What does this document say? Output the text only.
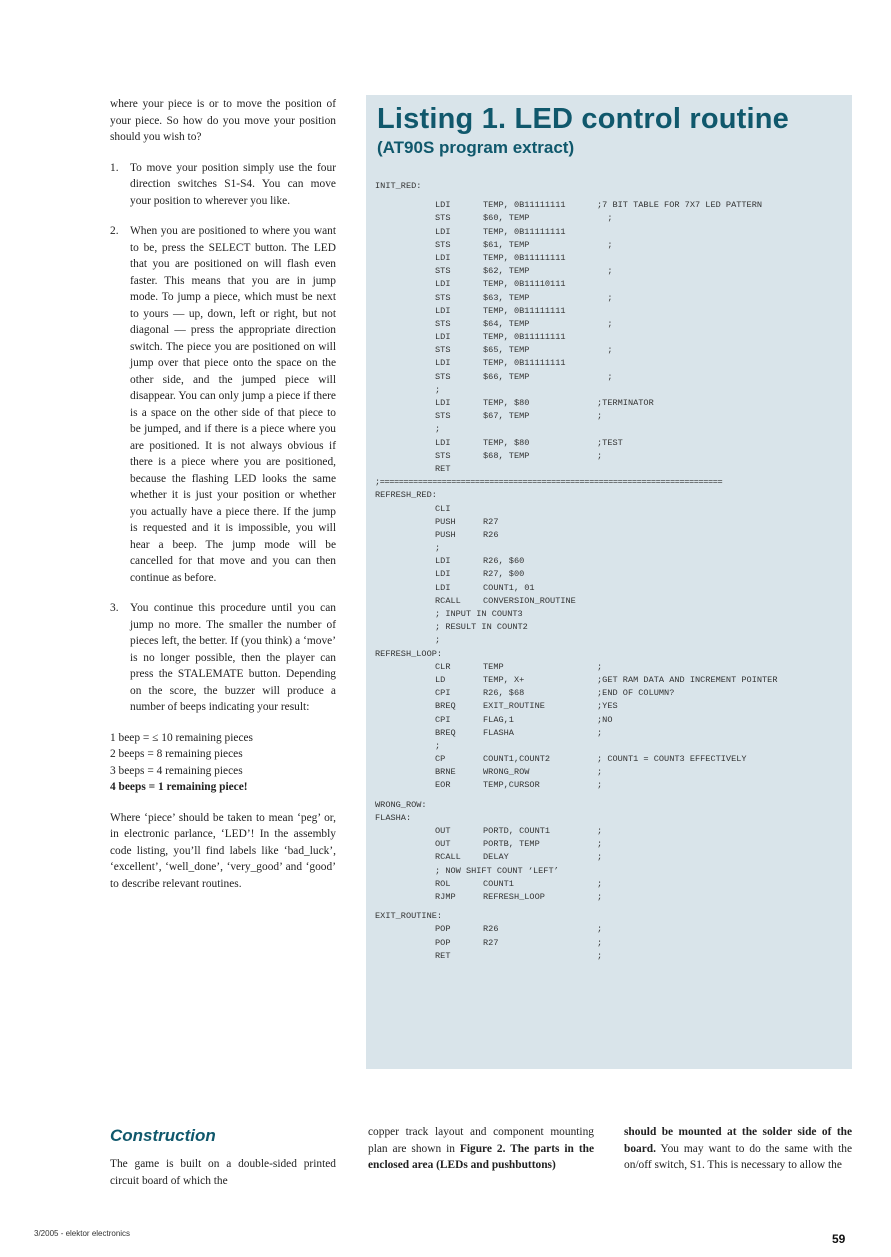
where your piece is or to move the position of your piece. So how do you move your position should you wish to?

1. To move your position simply use the four direction switches S1-S4. You can move your position to wherever you like.
2. When you are positioned to where you want to be, press the SELECT button. The LED that you are positioned on will flash even faster. This means that you are in jump mode. To jump a piece, which must be next to yours — up, down, left or right, but not diagonal — press the appropriate direction switch. The piece you are positioned on will jump over that piece onto the space on the other side, and the jumped piece will disappear. You can only jump a piece if there is a space on the other side of that piece to be jumped, and if there is a piece where you are positioned. It is not always obvious if there is a piece where you are positioned, because the flashing LED looks the same whether it is just your position or whether you actually have a piece there. If the jump is requested and it is impossible, you will hear a beep. The jump mode will be cancelled for that move and you can then continue as before.
3. You continue this procedure until you can jump no more. The smaller the number of pieces left, the better. If (you think) a ‘move’ is no longer possible, then the player can press the STALEMATE button. Depending on the score, the buzzer will produce a number of beeps indicating your result:
1 beep = ≤ 10 remaining pieces
2 beeps = 8 remaining pieces
3 beeps = 4 remaining pieces
4 beeps = 1 remaining piece!

Where ‘piece’ should be taken to mean ‘peg’ or, in electronic parlance, ‘LED’! In the assembly code listing, you’ll find labels like ‘bad_luck’, ‘excellent’, ‘well_done’, ‘very_good’ and ‘good’ to describe relevant routines.

Listing 1. LED control routine
(AT90S program extract)
INIT_RED:
LDI	TEMP, 0B11111111	;7 BIT TABLE FOR 7X7 LED PATTERN
STS	$60, TEMP	;
LDI	TEMP, 0B11111111
STS	$61, TEMP	;
LDI	TEMP, 0B11111111
STS	$62, TEMP	;
LDI	TEMP, 0B11110111
STS	$63, TEMP	;
LDI	TEMP, 0B11111111
STS	$64, TEMP	;
LDI	TEMP, 0B11111111
STS	$65, TEMP	;
LDI	TEMP, 0B11111111
STS	$66, TEMP	;
;
LDI	TEMP, $80	;TERMINATOR
STS	$67, TEMP	;
;
LDI	TEMP, $80	;TEST
STS	$68, TEMP	;
RET
;========================================================================
REFRESH_RED:
CLI
PUSH	R27
PUSH	R26
;
LDI	R26, $60
LDI	R27, $00
LDI	COUNT1, 01
RCALL	CONVERSION_ROUTINE
; INPUT IN COUNT3
; RESULT IN COUNT2
;
REFRESH_LOOP:
CLR	TEMP	;
LD	TEMP, X+	;GET RAM DATA AND INCREMENT POINTER
CPI	R26, $68	;END OF COLUMN?
BREQ	EXIT_ROUTINE	;YES
CPI	FLAG,1	;NO
BREQ	FLASHA	;
;
CP	COUNT1,COUNT2	; COUNT1 = COUNT3 EFFECTIVELY
BRNE	WRONG_ROW	;
EOR	TEMP,CURSOR	;
WRONG_ROW:
FLASHA:
OUT	PORTD, COUNT1	;
OUT	PORTB, TEMP	;
RCALL	DELAY	;
; NOW SHIFT COUNT ‘LEFT’
ROL	COUNT1	;
RJMP	REFRESH_LOOP	;
EXIT_ROUTINE:
POP	R26	;
POP	R27	;
RET	;
Construction
The game is built on a double-sided printed circuit board of which the
copper track layout and component mounting plan are shown in Figure 2. The parts in the enclosed area (LEDs and pushbuttons)
should be mounted at the solder side of the board. You may want to do the same with the on/off switch, S1. This is necessary to allow the
3/2005 - elektor electronics	59
